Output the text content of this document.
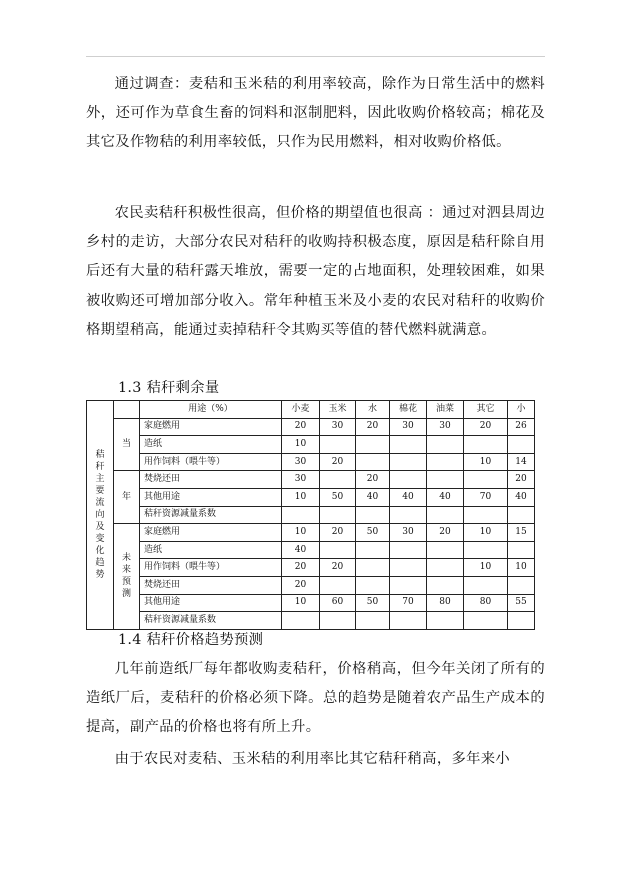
通过调查：麦秸和玉米秸的利用率较高，除作为日常生活中的燃料外，还可作为草食生畜的饲料和沤制肥料，因此收购价格较高；棉花及其它及作物秸的利用率较低，只作为民用燃料，相对收购价格低。

农民卖秸秆积极性很高，但价格的期望值也很高 ：通过对泗县周边乡村的走访，大部分农民对秸秆的收购持积极态度，原因是秸秆除自用后还有大量的秸秆露天堆放，需要一定的占地面积，处理较困难，如果被收购还可增加部分收入。常年种植玉米及小麦的农民对秸秆的收购价格期望稍高，能通过卖掉秸秆令其购买等值的替代燃料就满意。

1.3 秸秆剩余量
秸秆主要流向及变化趋势		用途（%）	小麦	玉米	水	棉花	油菜	其它	小
	当	家庭燃用	20	30	20	30	30	20	26
		造纸	10						
		用作饲料（喂牛等）	30	20				10	14
	年	焚烧还田	30		20				20
		其他用途	10	50	40	40	40	70	40
		秸秆资源减量系数							
	未来预测	家庭燃用	10	20	50	30	20	10	15
		造纸	40						
		用作饲料（喂牛等）	20	20				10	10
		焚烧还田	20						
		其他用途	10	60	50	70	80	80	55
		秸秆资源减量系数							
1.4 秸秆价格趋势预测

几年前造纸厂每年都收购麦秸秆，价格稍高，但今年关闭了所有的造纸厂后，麦秸秆的价格必须下降。总的趋势是随着农产品生产成本的提高，副产品的价格也将有所上升。

由于农民对麦秸、玉米秸的利用率比其它秸秆稍高，多年来小
